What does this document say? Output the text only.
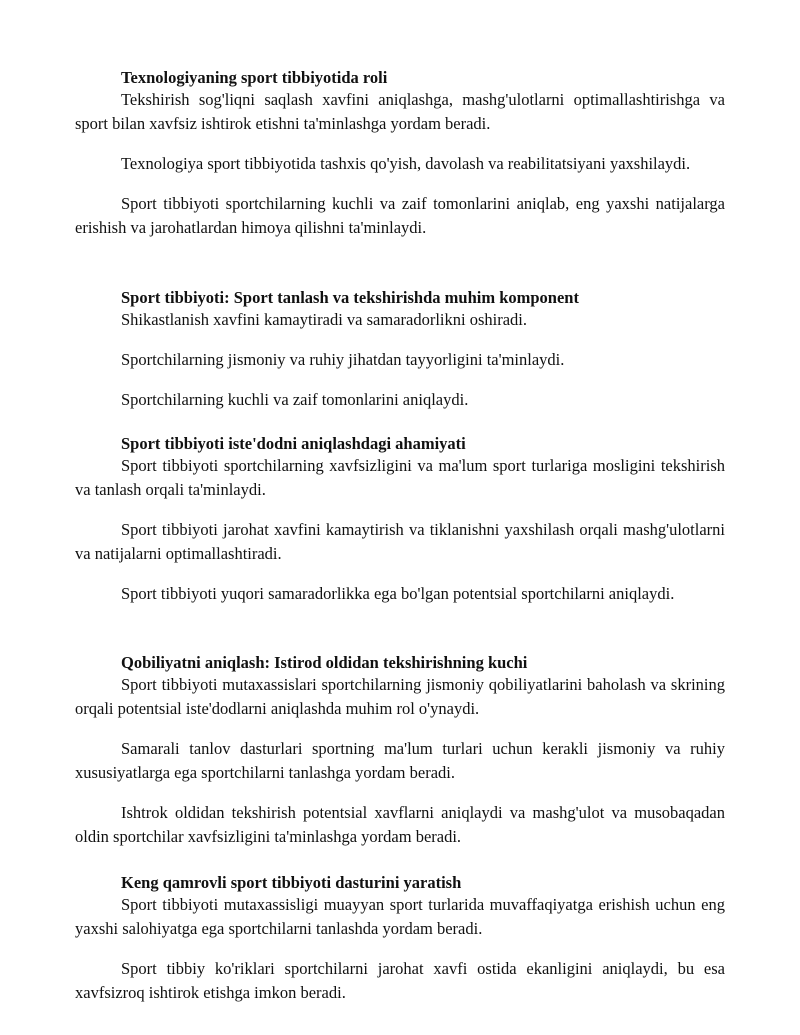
Texnologiyaning sport tibbiyotida roli

Tekshirish sog'liqni saqlash xavfini aniqlashga, mashg'ulotlarni optimallashtirishga va sport bilan xavfsiz ishtirok etishni ta'minlashga yordam beradi.

Texnologiya sport tibbiyotida tashxis qo'yish, davolash va reabilitatsiyani yaxshilaydi.

Sport tibbiyoti sportchilarning kuchli va zaif tomonlarini aniqlab, eng yaxshi natijalarga erishish va jarohatlardan himoya qilishni ta'minlaydi.

Sport tibbiyoti: Sport tanlash va tekshirishda muhim komponent

Shikastlanish xavfini kamaytiradi va samaradorlikni oshiradi.

Sportchilarning jismoniy va ruhiy jihatdan tayyorligini ta'minlaydi.

Sportchilarning kuchli va zaif tomonlarini aniqlaydi.

Sport tibbiyoti iste'dodni aniqlashdagi ahamiyati

Sport tibbiyoti sportchilarning xavfsizligini va ma'lum sport turlariga mosligini tekshirish va tanlash orqali ta'minlaydi.

Sport tibbiyoti jarohat xavfini kamaytirish va tiklanishni yaxshilash orqali mashg'ulotlarni va natijalarni optimallashtiradi.

Sport tibbiyoti yuqori samaradorlikka ega bo'lgan potentsial sportchilarni aniqlaydi.

Qobiliyatni aniqlash: Istirod oldidan tekshirishning kuchi

Sport tibbiyoti mutaxassislari sportchilarning jismoniy qobiliyatlarini baholash va skrining orqali potentsial iste'dodlarni aniqlashda muhim rol o'ynaydi.

Samarali tanlov dasturlari sportning ma'lum turlari uchun kerakli jismoniy va ruhiy xususiyatlarga ega sportchilarni tanlashga yordam beradi.

Ishtrok oldidan tekshirish potentsial xavflarni aniqlaydi va mashg'ulot va musobaqadan oldin sportchilar xavfsizligini ta'minlashga yordam beradi.

Keng qamrovli sport tibbiyoti dasturini yaratish

Sport tibbiyoti mutaxassisligi muayyan sport turlarida muvaffaqiyatga erishish uchun eng yaxshi salohiyatga ega sportchilarni tanlashda yordam beradi.

Sport tibbiy ko'riklari sportchilarni jarohat xavfi ostida ekanligini aniqlaydi, bu esa xavfsizroq ishtirok etishga imkon beradi.
